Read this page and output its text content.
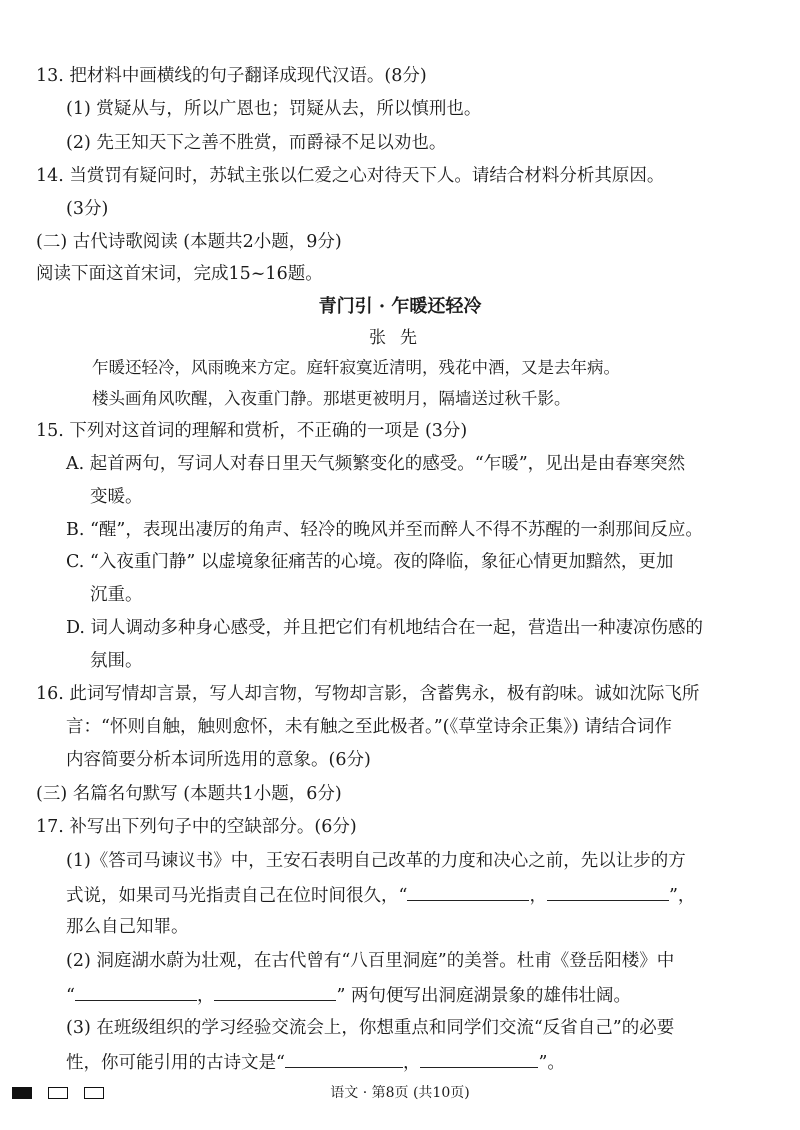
13. 把材料中画横线的句子翻译成现代汉语。(8分)
(1) 赏疑从与，所以广恩也；罚疑从去，所以慎刑也。
(2) 先王知天下之善不胜赏，而爵禄不足以劝也。
14. 当赏罚有疑问时，苏轼主张以仁爱之心对待天下人。请结合材料分析其原因。
(3分)
(二) 古代诗歌阅读 (本题共2小题，9分)
阅读下面这首宋词，完成15~16题。
青门引 · 乍暖还轻冷
张先
乍暖还轻冷，风雨晚来方定。庭轩寂寞近清明，残花中酒，又是去年病。
楼头画角风吹醒，入夜重门静。那堪更被明月，隔墙送过秋千影。
15. 下列对这首词的理解和赏析，不正确的一项是 (3分)
A. 起首两句，写词人对春日里天气频繁变化的感受。“乍暖”，见出是由春寒突然
变暖。
B. “醒”，表现出凄厉的角声、轻冷的晚风并至而醉人不得不苏醒的一刹那间反应。
C. “入夜重门静” 以虚境象征痛苦的心境。夜的降临，象征心情更加黯然，更加
沉重。
D. 词人调动多种身心感受，并且把它们有机地结合在一起，营造出一种凄凉伤感的
氛围。
16. 此词写情却言景，写人却言物，写物却言影，含蓄隽永，极有韵味。诚如沈际飞所
言：“怀则自触，触则愈怀，未有触之至此极者。”(《草堂诗余正集》) 请结合词作
内容简要分析本词所选用的意象。(6分)
(三) 名篇名句默写 (本题共1小题，6分)
17. 补写出下列句子中的空缺部分。(6分)
(1)《答司马谏议书》中，王安石表明自己改革的力度和决心之前，先以让步的方
式说，如果司马光指责自己在位时间很久，“	，	”，
那么自己知罪。
(2) 洞庭湖水蔚为壮观，在古代曾有“八百里洞庭”的美誉。杜甫《登岳阳楼》中
“	，	” 两句便写出洞庭湖景象的雄伟壮阔。
(3) 在班级组织的学习经验交流会上，你想重点和同学们交流“反省自己”的必要
性，你可能引用的古诗文是“	，	”。
语文 · 第8页 (共10页)
